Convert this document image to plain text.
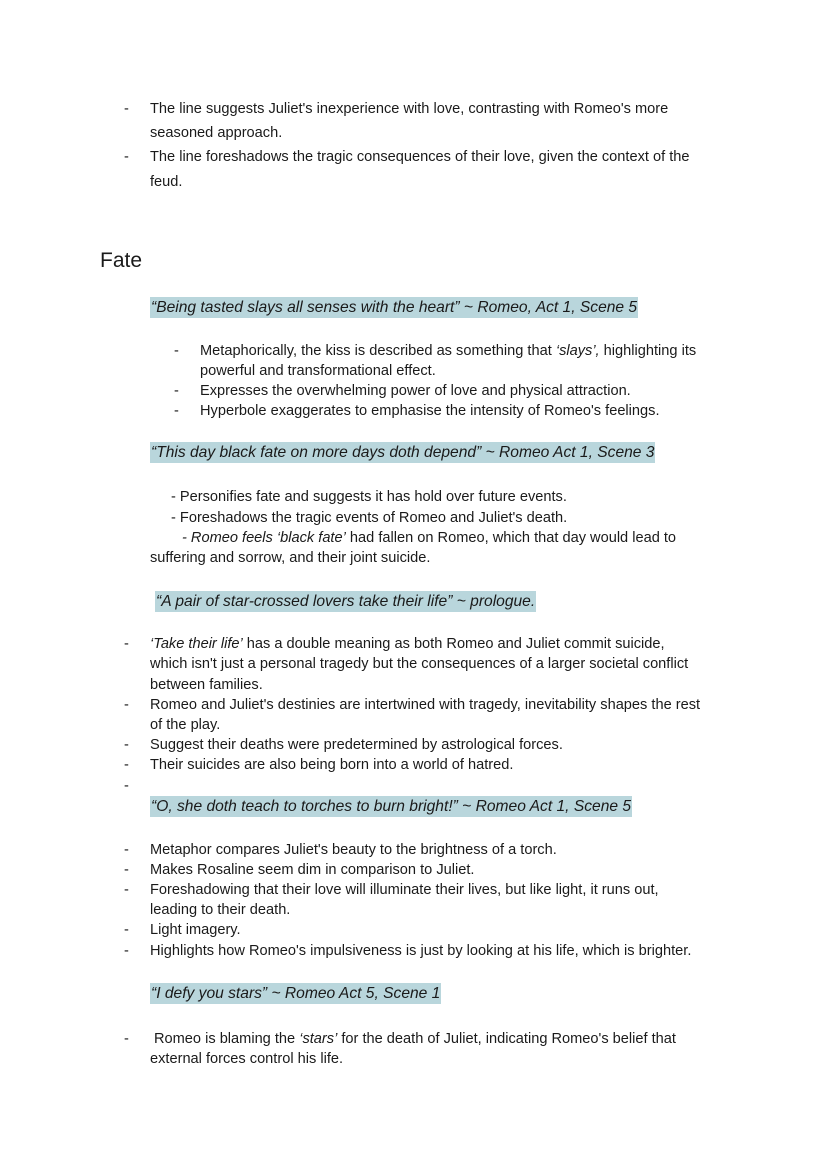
- The line suggests Juliet's inexperience with love, contrasting with Romeo's more
seasoned approach.
- The line foreshadows the tragic consequences of their love, given the context of the
feud.
Fate
“Being tasted slays all senses with the heart” ~ Romeo, Act 1, Scene 5
- Metaphorically, the kiss is described as something that ‘slays’, highlighting its
powerful and transformational effect.
- Expresses the overwhelming power of love and physical attraction.
- Hyperbole exaggerates to emphasise the intensity of Romeo's feelings.
“This day black fate on more days doth depend” ~ Romeo Act 1, Scene 3
- Personifies fate and suggests it has hold over future events.
- Foreshadows the tragic events of Romeo and Juliet's death.
- Romeo feels ‘black fate’ had fallen on Romeo, which that day would lead to
suffering and sorrow, and their joint suicide.
“A pair of star-crossed lovers take their life” ~ prologue.
- ‘Take their life’ has a double meaning as both Romeo and Juliet commit suicide,
which isn't just a personal tragedy but the consequences of a larger societal conflict
between families.
- Romeo and Juliet's destinies are intertwined with tragedy, inevitability shapes the rest
of the play.
- Suggest their deaths were predetermined by astrological forces.
- Their suicides are also being born into a world of hatred.
-
“O, she doth teach to torches to burn bright!” ~ Romeo Act 1, Scene 5
- Metaphor compares Juliet's beauty to the brightness of a torch.
- Makes Rosaline seem dim in comparison to Juliet.
- Foreshadowing that their love will illuminate their lives, but like light, it runs out,
leading to their death.
- Light imagery.
- Highlights how Romeo's impulsiveness is just by looking at his life, which is brighter.
“I defy you stars” ~ Romeo Act 5, Scene 1
- Romeo is blaming the ‘stars’ for the death of Juliet, indicating Romeo's belief that
external forces control his life.
